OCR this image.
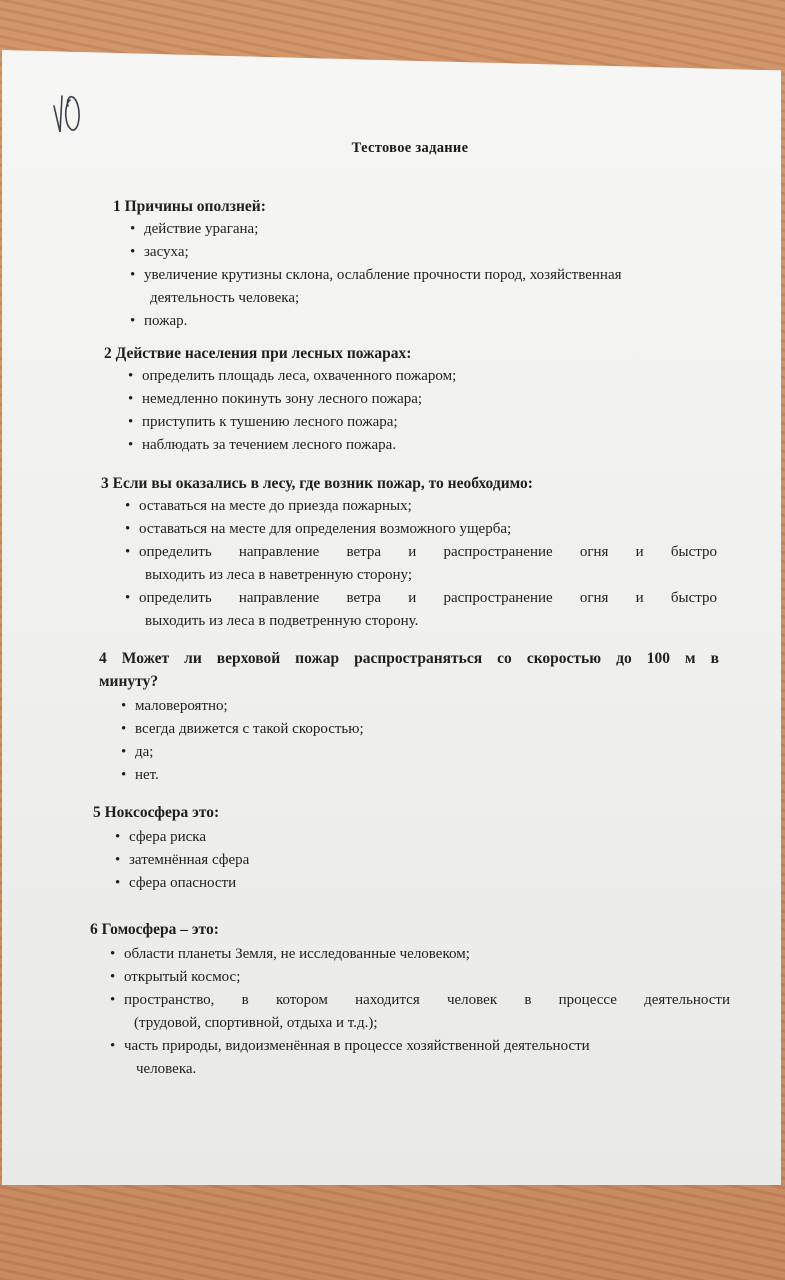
Тестовое задание
1 Причины оползней:
• действие урагана;
• засуха;
• увеличение крутизны склона, ослабление прочности пород, хозяйственная
деятельность человека;
• пожар.
2 Действие населения при лесных пожарах:
• определить площадь леса, охваченного пожаром;
• немедленно покинуть зону лесного пожара;
• приступить к тушению лесного пожара;
• наблюдать за течением лесного пожара.
3 Если вы оказались в лесу, где возник пожар, то необходимо:
• оставаться на месте до приезда пожарных;
• оставаться на месте для определения возможного ущерба;
• определить направление ветра и распространение огня и быстро
выходить из леса в наветренную сторону;
• определить направление ветра и распространение огня и быстро
выходить из леса в подветренную сторону.
4 Может ли верховой пожар распространяться со скоростью до 100 м в
минуту?
• маловероятно;
• всегда движется с такой скоростью;
• да;
• нет.
5 Ноксосфера это:
• сфера риска
• затемнённая сфера
• сфера опасности
6 Гомосфера – это:
• области планеты Земля, не исследованные человеком;
• открытый космос;
• пространство, в котором находится человек в процессе деятельности
(трудовой, спортивной, отдыха и т.д.);
• часть природы, видоизменённая в процессе хозяйственной деятельности
человека.
